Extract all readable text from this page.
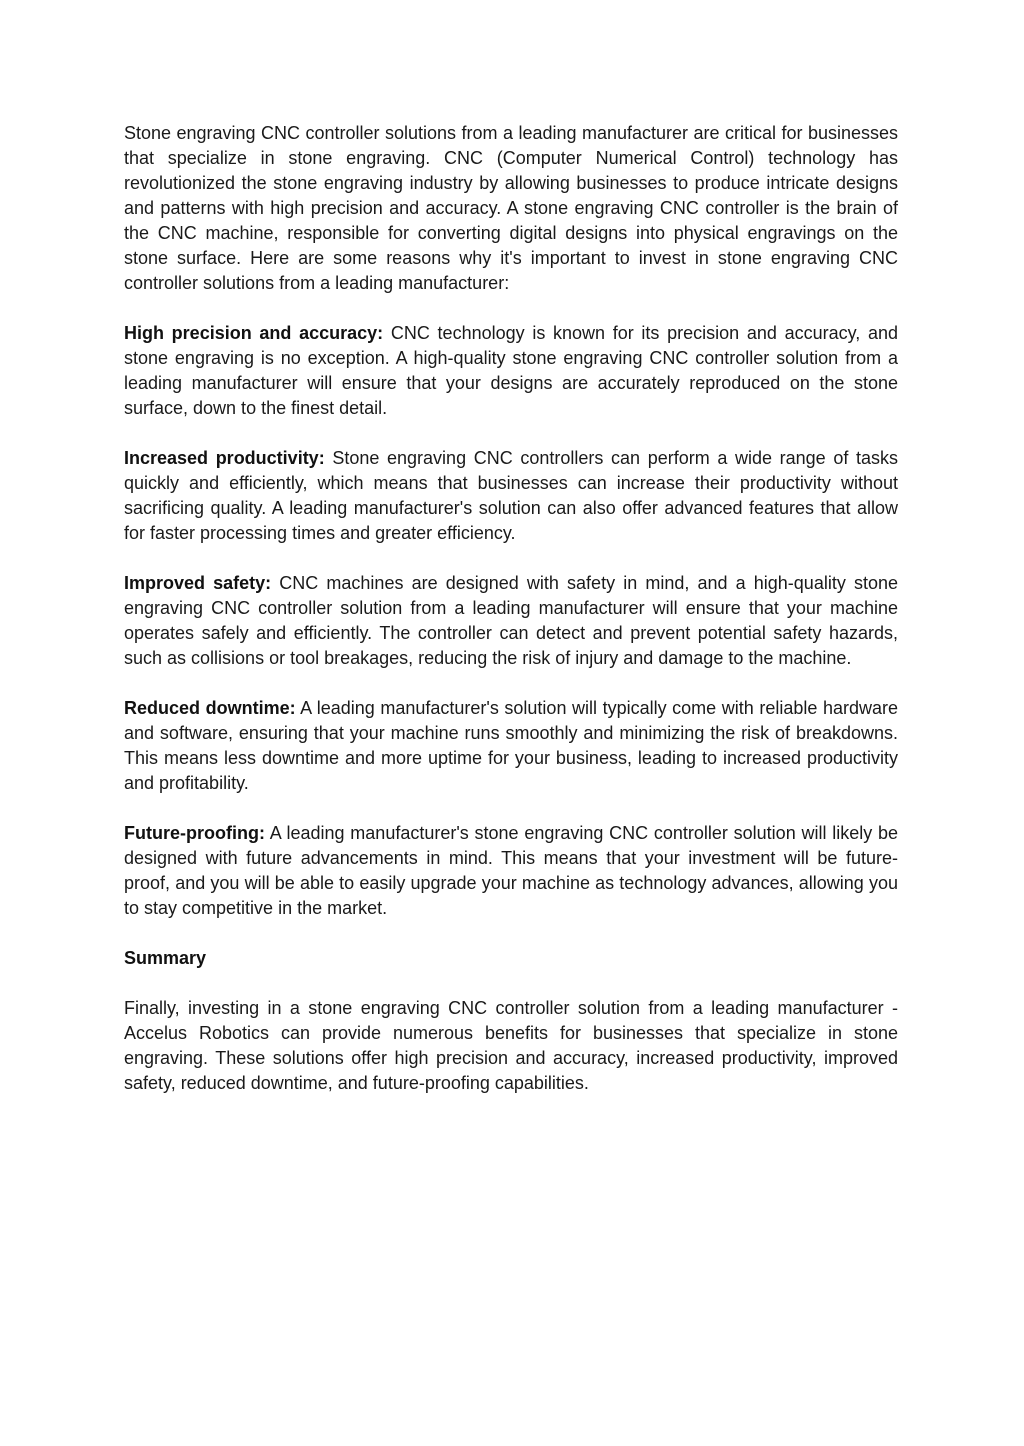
Stone engraving CNC controller solutions from a leading manufacturer are critical for businesses that specialize in stone engraving. CNC (Computer Numerical Control) technology has revolutionized the stone engraving industry by allowing businesses to produce intricate designs and patterns with high precision and accuracy. A stone engraving CNC controller is the brain of the CNC machine, responsible for converting digital designs into physical engravings on the stone surface. Here are some reasons why it's important to invest in stone engraving CNC controller solutions from a leading manufacturer:

High precision and accuracy: CNC technology is known for its precision and accuracy, and stone engraving is no exception. A high-quality stone engraving CNC controller solution from a leading manufacturer will ensure that your designs are accurately reproduced on the stone surface, down to the finest detail.

Increased productivity: Stone engraving CNC controllers can perform a wide range of tasks quickly and efficiently, which means that businesses can increase their productivity without sacrificing quality. A leading manufacturer's solution can also offer advanced features that allow for faster processing times and greater efficiency.

Improved safety: CNC machines are designed with safety in mind, and a high-quality stone engraving CNC controller solution from a leading manufacturer will ensure that your machine operates safely and efficiently. The controller can detect and prevent potential safety hazards, such as collisions or tool breakages, reducing the risk of injury and damage to the machine.

Reduced downtime: A leading manufacturer's solution will typically come with reliable hardware and software, ensuring that your machine runs smoothly and minimizing the risk of breakdowns. This means less downtime and more uptime for your business, leading to increased productivity and profitability.

Future-proofing: A leading manufacturer's stone engraving CNC controller solution will likely be designed with future advancements in mind. This means that your investment will be future-proof, and you will be able to easily upgrade your machine as technology advances, allowing you to stay competitive in the market.

Summary

Finally, investing in a stone engraving CNC controller solution from a leading manufacturer - Accelus Robotics can provide numerous benefits for businesses that specialize in stone engraving. These solutions offer high precision and accuracy, increased productivity, improved safety, reduced downtime, and future-proofing capabilities.
